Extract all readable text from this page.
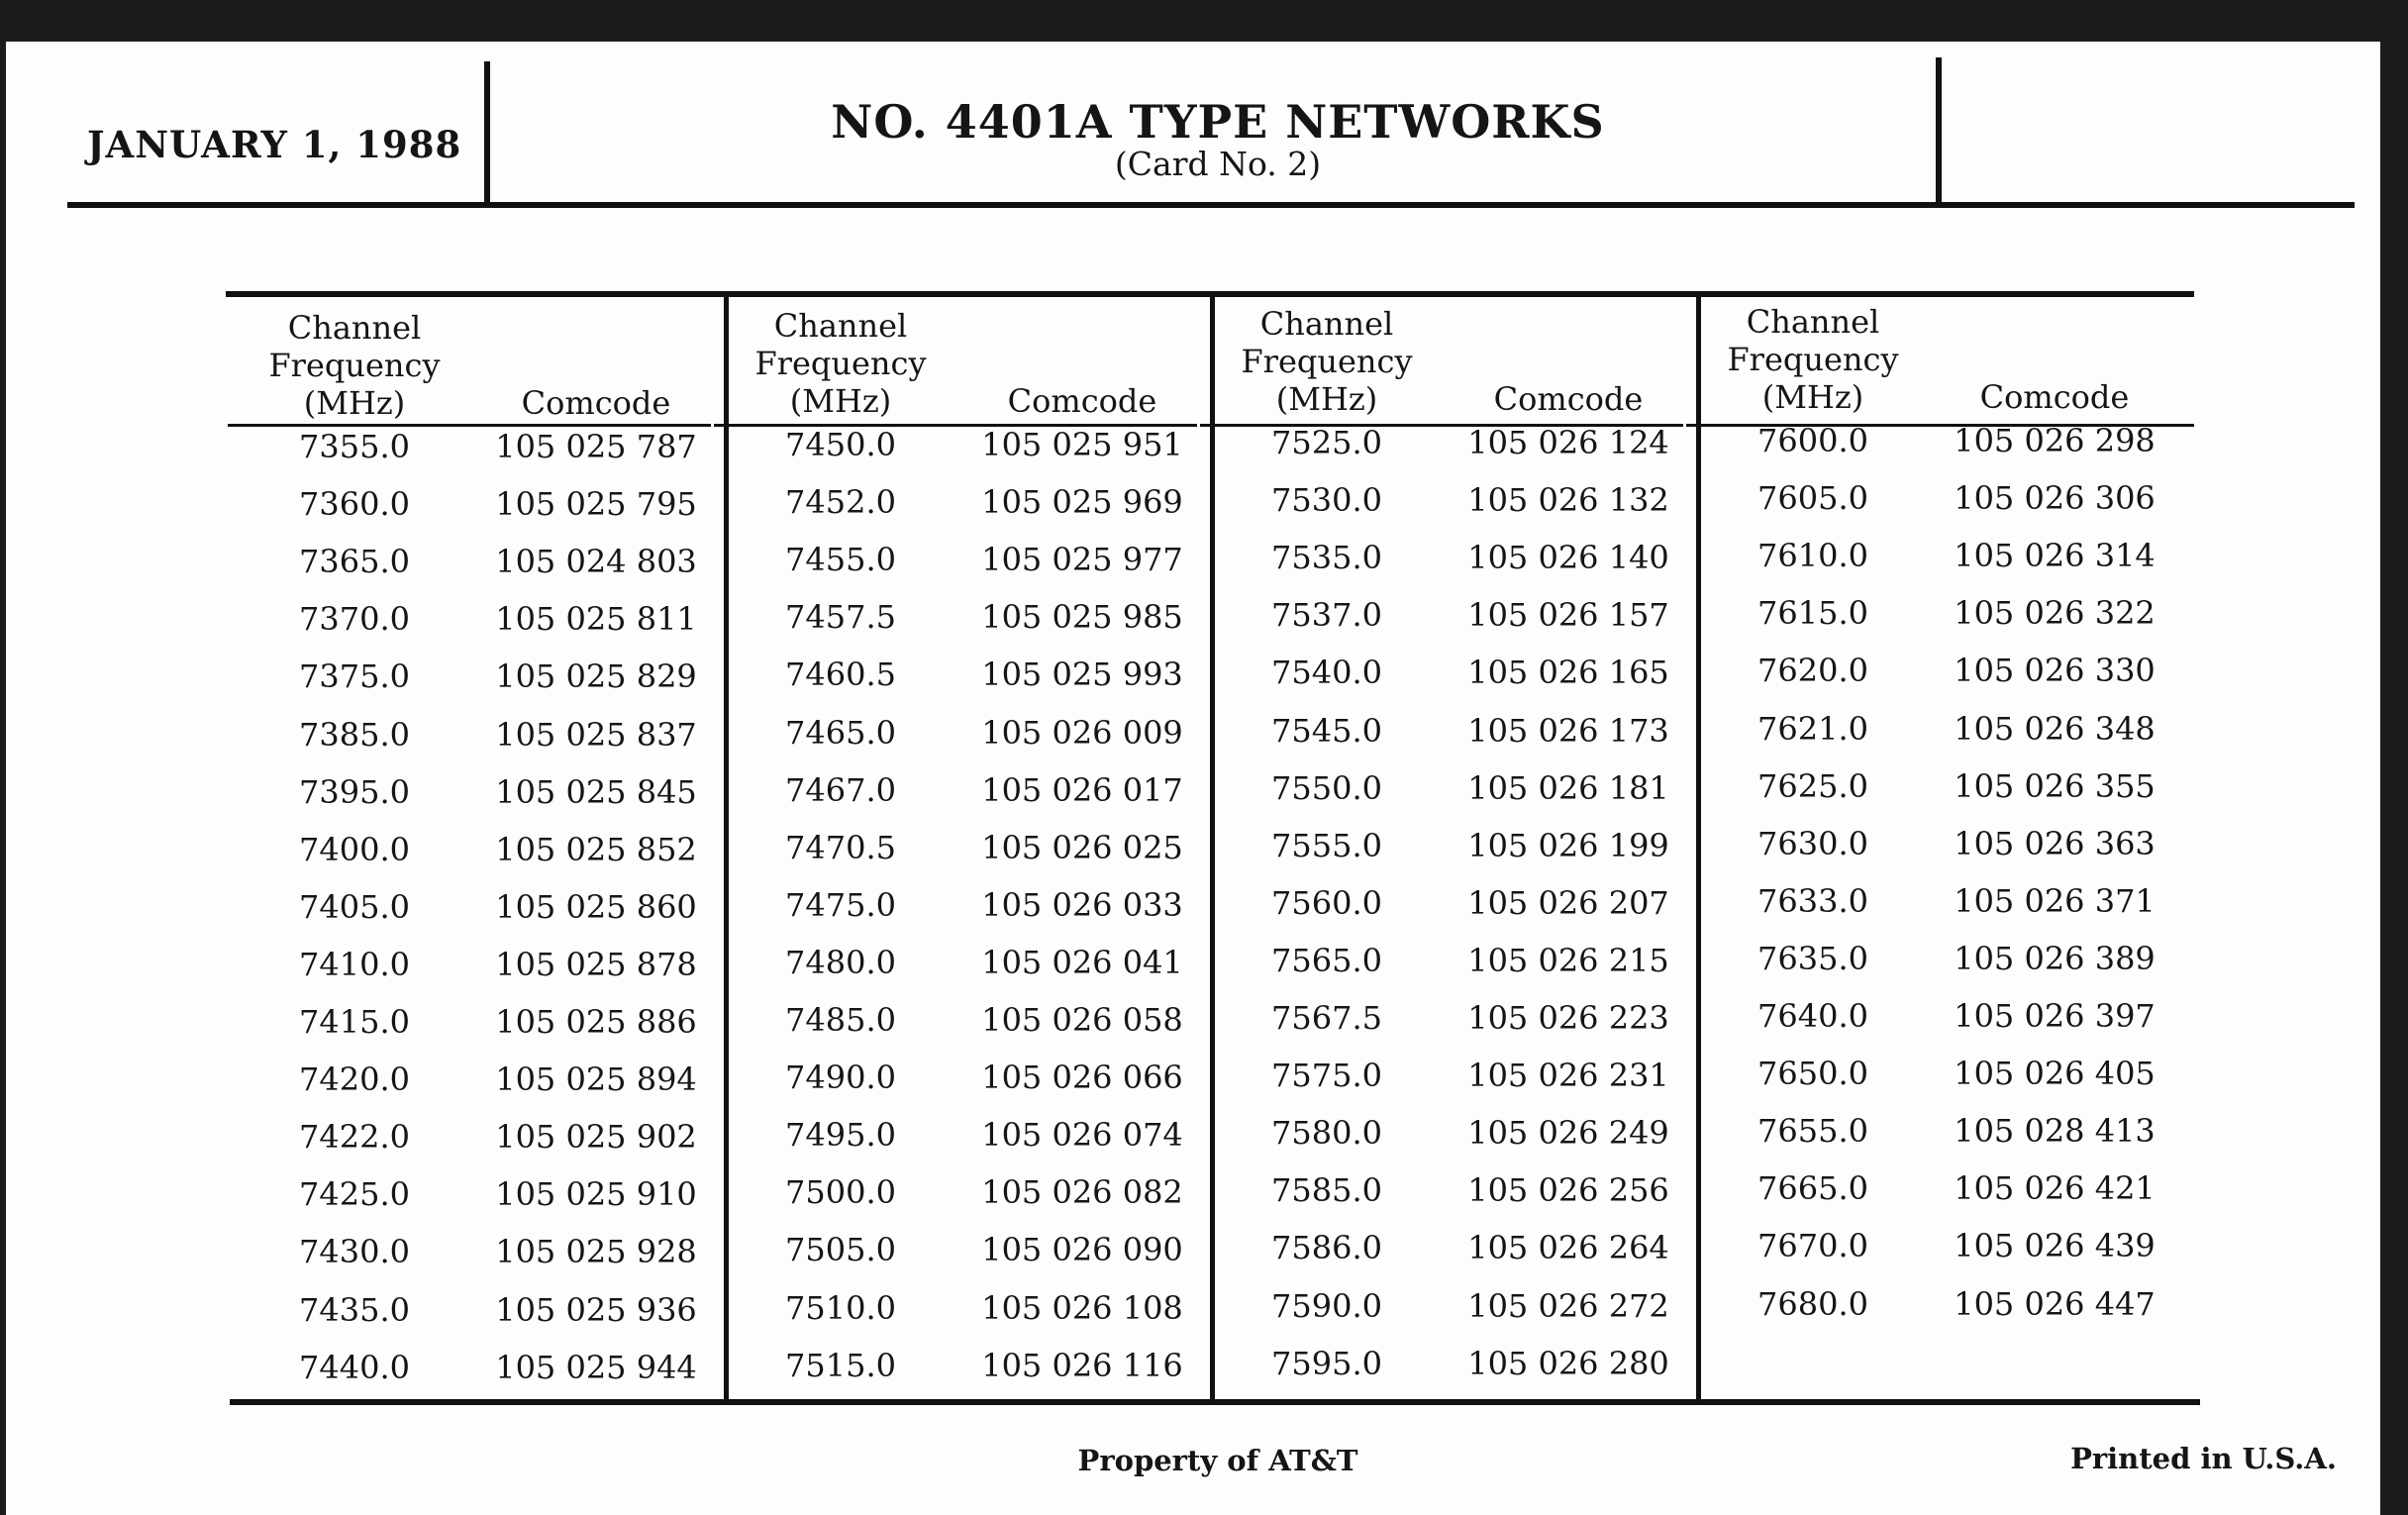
JANUARY 1, 1988	NO. 4401A TYPE NETWORKS
(Card No. 2)
Channel
Frequency
(MHz)	Comcode
7355.0	105 025 787
7360.0	105 025 795
7365.0	105 024 803
7370.0	105 025 811
7375.0	105 025 829
7385.0	105 025 837
7395.0	105 025 845
7400.0	105 025 852
7405.0	105 025 860
7410.0	105 025 878
7415.0	105 025 886
7420.0	105 025 894
7422.0	105 025 902
7425.0	105 025 910
7430.0	105 025 928
7435.0	105 025 936
7440.0	105 025 944
Channel
Frequency
(MHz)	Comcode
7450.0	105 025 951
7452.0	105 025 969
7455.0	105 025 977
7457.5	105 025 985
7460.5	105 025 993
7465.0	105 026 009
7467.0	105 026 017
7470.5	105 026 025
7475.0	105 026 033
7480.0	105 026 041
7485.0	105 026 058
7490.0	105 026 066
7495.0	105 026 074
7500.0	105 026 082
7505.0	105 026 090
7510.0	105 026 108
7515.0	105 026 116
Channel
Frequency
(MHz)	Comcode
7525.0	105 026 124
7530.0	105 026 132
7535.0	105 026 140
7537.0	105 026 157
7540.0	105 026 165
7545.0	105 026 173
7550.0	105 026 181
7555.0	105 026 199
7560.0	105 026 207
7565.0	105 026 215
7567.5	105 026 223
7575.0	105 026 231
7580.0	105 026 249
7585.0	105 026 256
7586.0	105 026 264
7590.0	105 026 272
7595.0	105 026 280
Channel
Frequency
(MHz)	Comcode
7600.0	105 026 298
7605.0	105 026 306
7610.0	105 026 314
7615.0	105 026 322
7620.0	105 026 330
7621.0	105 026 348
7625.0	105 026 355
7630.0	105 026 363
7633.0	105 026 371
7635.0	105 026 389
7640.0	105 026 397
7650.0	105 026 405
7655.0	105 028 413
7665.0	105 026 421
7670.0	105 026 439
7680.0	105 026 447
Property of AT&T	Printed in U.S.A.
